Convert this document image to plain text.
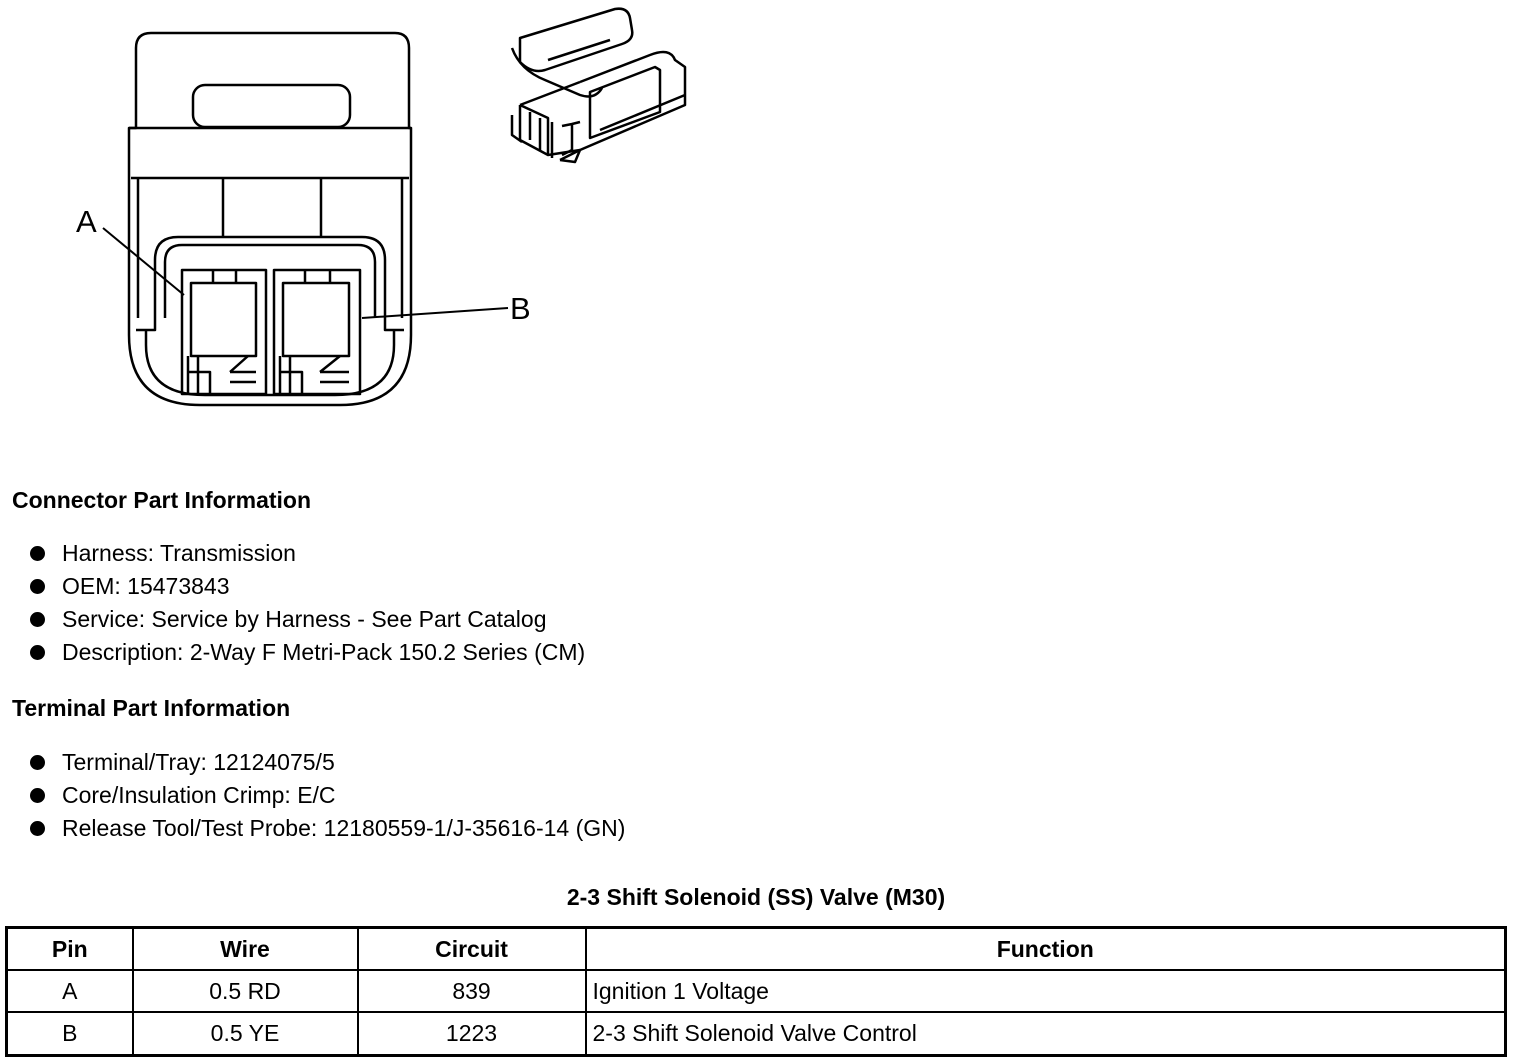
A
B
Connector Part Information
Harness: Transmission
OEM: 15473843
Service: Service by Harness - See Part Catalog
Description: 2-Way F Metri-Pack 150.2 Series (CM)
Terminal Part Information
Terminal/Tray: 12124075/5
Core/Insulation Crimp: E/C
Release Tool/Test Probe: 12180559-1/J-35616-14 (GN)
2-3 Shift Solenoid (SS) Valve (M30)
Pin	Wire	Circuit	Function
A	0.5 RD	839	Ignition 1 Voltage
B	0.5 YE	1223	2-3 Shift Solenoid Valve Control
